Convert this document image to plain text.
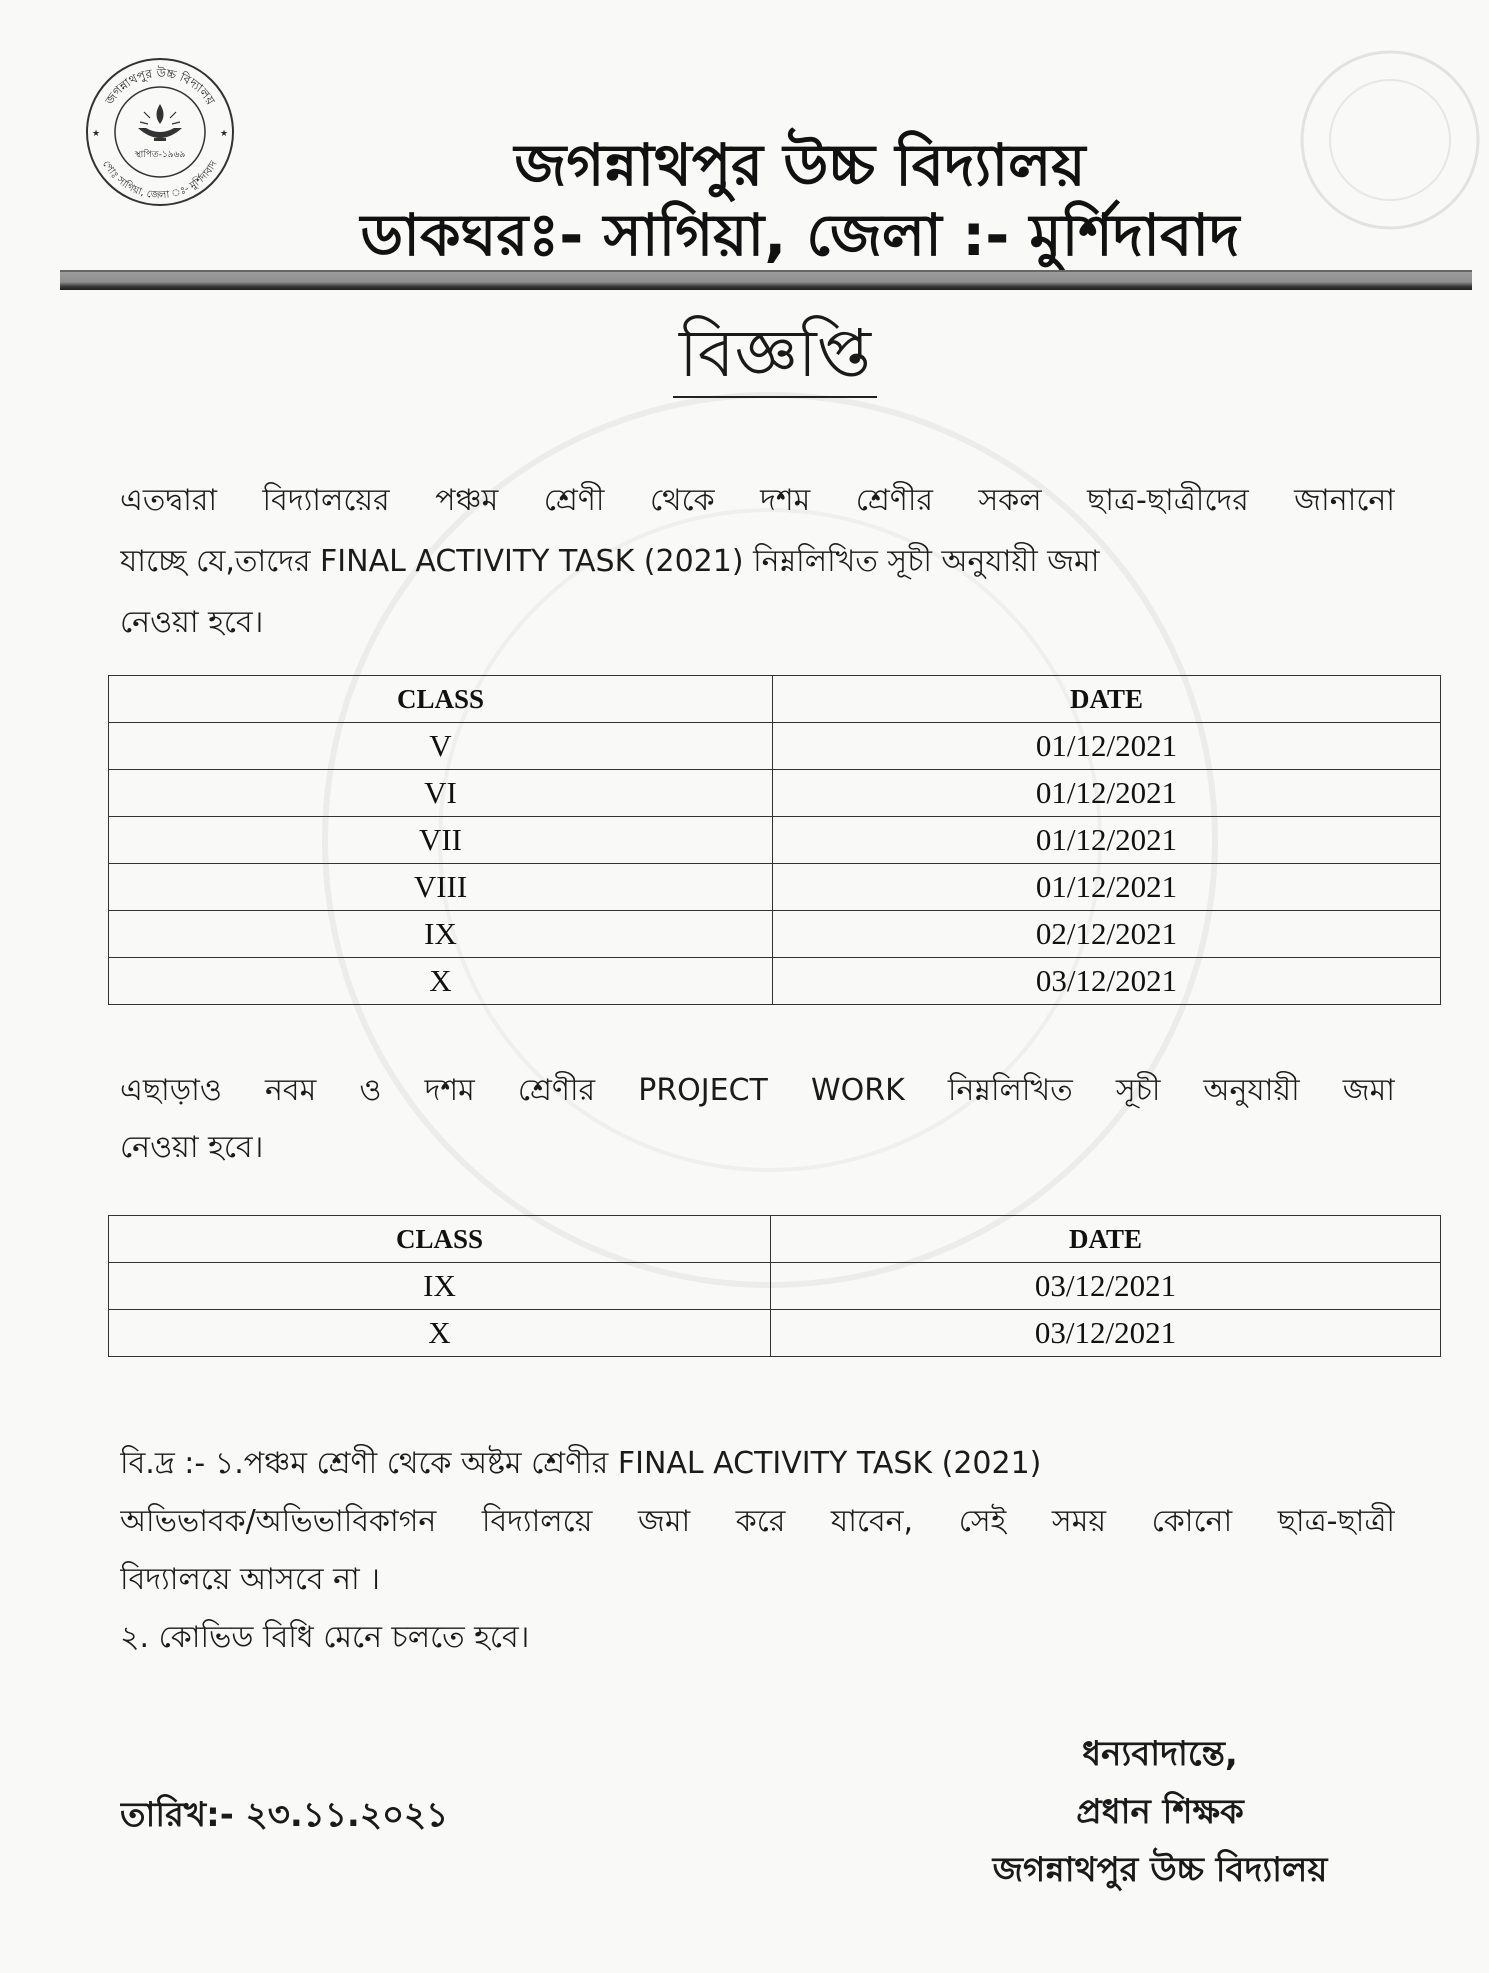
জগন্নাথপুর উচ্চ বিদ্যালয়
পোঃ সাগিয়া, জেলা ঃ- মুর্শিদাবাদ
★	★
স্থাপিত-১৯৬৯	জগন্নাথপুর উচ্চ বিদ্যালয়
ডাকঘরঃ- সাগিয়া, জেলা :- মুর্শিদাবাদ
বিজ্ঞপ্তি
এতদ্বারা বিদ্যালয়ের পঞ্চম শ্রেণী থেকে দশম শ্রেণীর সকল ছাত্র-ছাত্রীদের জানানো
যাচ্ছে যে,তাদের FINAL ACTIVITY TASK (2021) নিম্নলিখিত সূচী অনুযায়ী জমা
নেওয়া হবে।
CLASS	DATE
V	01/12/2021
VI	01/12/2021
VII	01/12/2021
VIII	01/12/2021
IX	02/12/2021
X	03/12/2021
এছাড়াও নবম ও দশম শ্রেণীর PROJECT WORK নিম্নলিখিত সূচী অনুযায়ী জমা
নেওয়া হবে।
CLASS	DATE
IX	03/12/2021
X	03/12/2021
বি.দ্র :- ১.পঞ্চম শ্রেণী থেকে অষ্টম শ্রেণীর FINAL ACTIVITY TASK (2021)
অভিভাবক/অভিভাবিকাগন বিদ্যালয়ে জমা করে যাবেন, সেই সময় কোনো ছাত্র-ছাত্রী
বিদ্যালয়ে আসবে না ।
২. কোভিড বিধি মেনে চলতে হবে।
তারিখ:- ২৩.১১.২০২১
ধন্যবাদান্তে,
প্রধান শিক্ষক
জগন্নাথপুর উচ্চ বিদ্যালয়
